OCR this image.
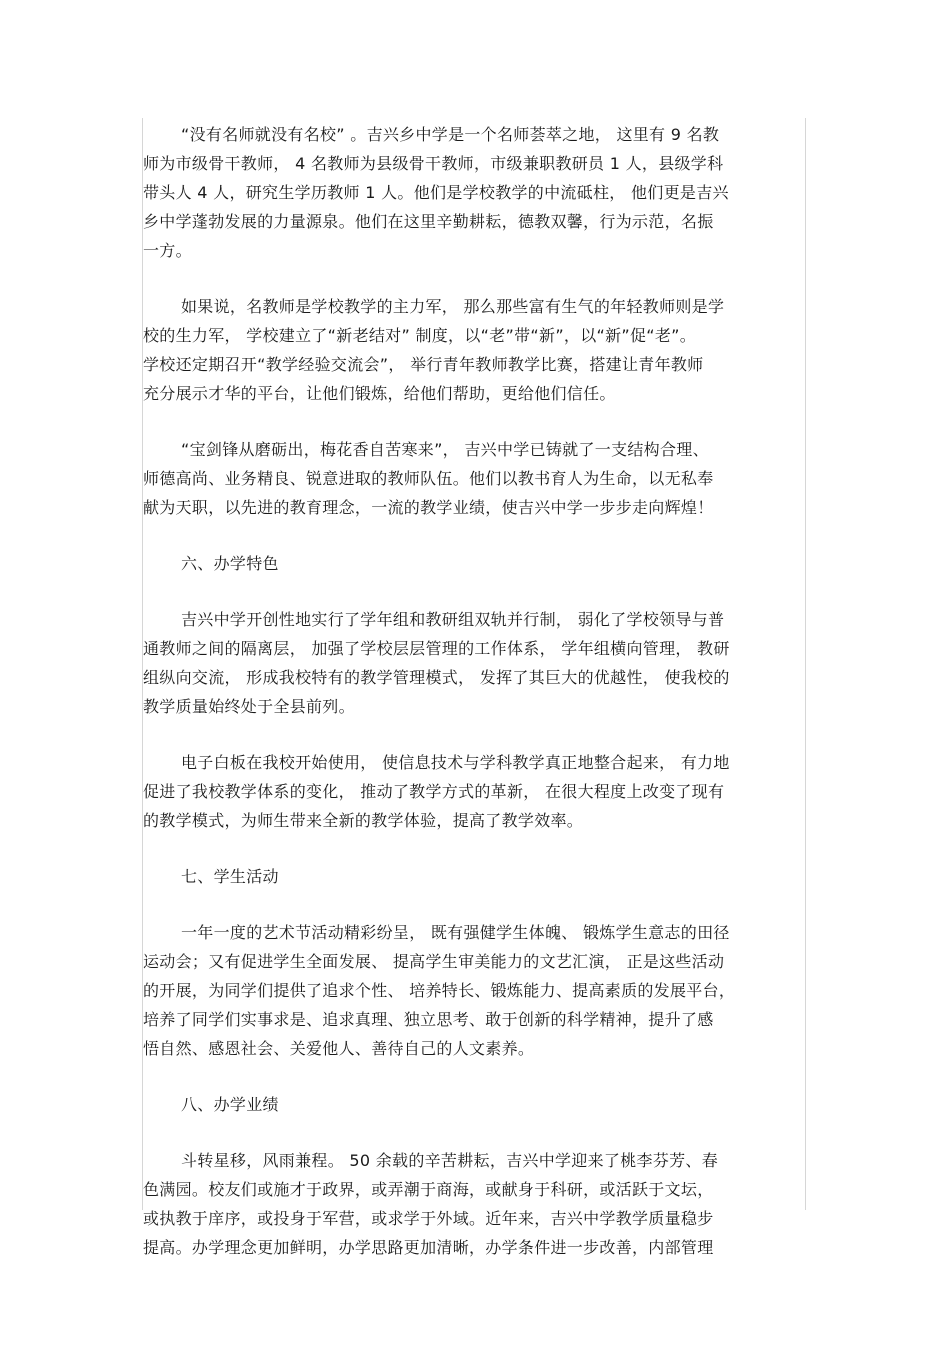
“没有名师就没有名校” 。吉兴乡中学是一个名师荟萃之地， 这里有 9 名教
师为市级骨干教师， 4 名教师为县级骨干教师，市级兼职教研员 1 人，县级学科
带头人 4 人，研究生学历教师 1 人。他们是学校教学的中流砥柱， 他们更是吉兴
乡中学蓬勃发展的力量源泉。他们在这里辛勤耕耘，德教双馨，行为示范，名振
一方。
如果说，名教师是学校教学的主力军， 那么那些富有生气的年轻教师则是学
校的生力军， 学校建立了“新老结对” 制度，以“老”带“新”，以“新”促“老”。
学校还定期召开“教学经验交流会”， 举行青年教师教学比赛，搭建让青年教师
充分展示才华的平台，让他们锻炼，给他们帮助，更给他们信任。
“宝剑锋从磨砺出，梅花香自苦寒来”， 吉兴中学已铸就了一支结构合理、
师德高尚、业务精良、锐意进取的教师队伍。他们以教书育人为生命，以无私奉
献为天职，以先进的教育理念，一流的教学业绩，使吉兴中学一步步走向辉煌！
六、办学特色
吉兴中学开创性地实行了学年组和教研组双轨并行制， 弱化了学校领导与普
通教师之间的隔离层， 加强了学校层层管理的工作体系， 学年组横向管理， 教研
组纵向交流， 形成我校特有的教学管理模式， 发挥了其巨大的优越性， 使我校的
教学质量始终处于全县前列。
电子白板在我校开始使用， 使信息技术与学科教学真正地整合起来， 有力地
促进了我校教学体系的变化， 推动了教学方式的革新， 在很大程度上改变了现有
的教学模式，为师生带来全新的教学体验，提高了教学效率。
七、学生活动
一年一度的艺术节活动精彩纷呈， 既有强健学生体魄、 锻炼学生意志的田径
运动会；又有促进学生全面发展、 提高学生审美能力的文艺汇演， 正是这些活动
的开展，为同学们提供了追求个性、 培养特长、锻炼能力、提高素质的发展平台，
培养了同学们实事求是、追求真理、独立思考、敢于创新的科学精神，提升了感
悟自然、感恩社会、关爱他人、善待自己的人文素养。
八、办学业绩
斗转星移，风雨兼程。 50 余载的辛苦耕耘，吉兴中学迎来了桃李芬芳、春
色满园。校友们或施才于政界，或弄潮于商海，或献身于科研，或活跃于文坛，
或执教于庠序，或投身于军营，或求学于外域。近年来，吉兴中学教学质量稳步
提高。办学理念更加鲜明，办学思路更加清晰，办学条件进一步改善，内部管理
